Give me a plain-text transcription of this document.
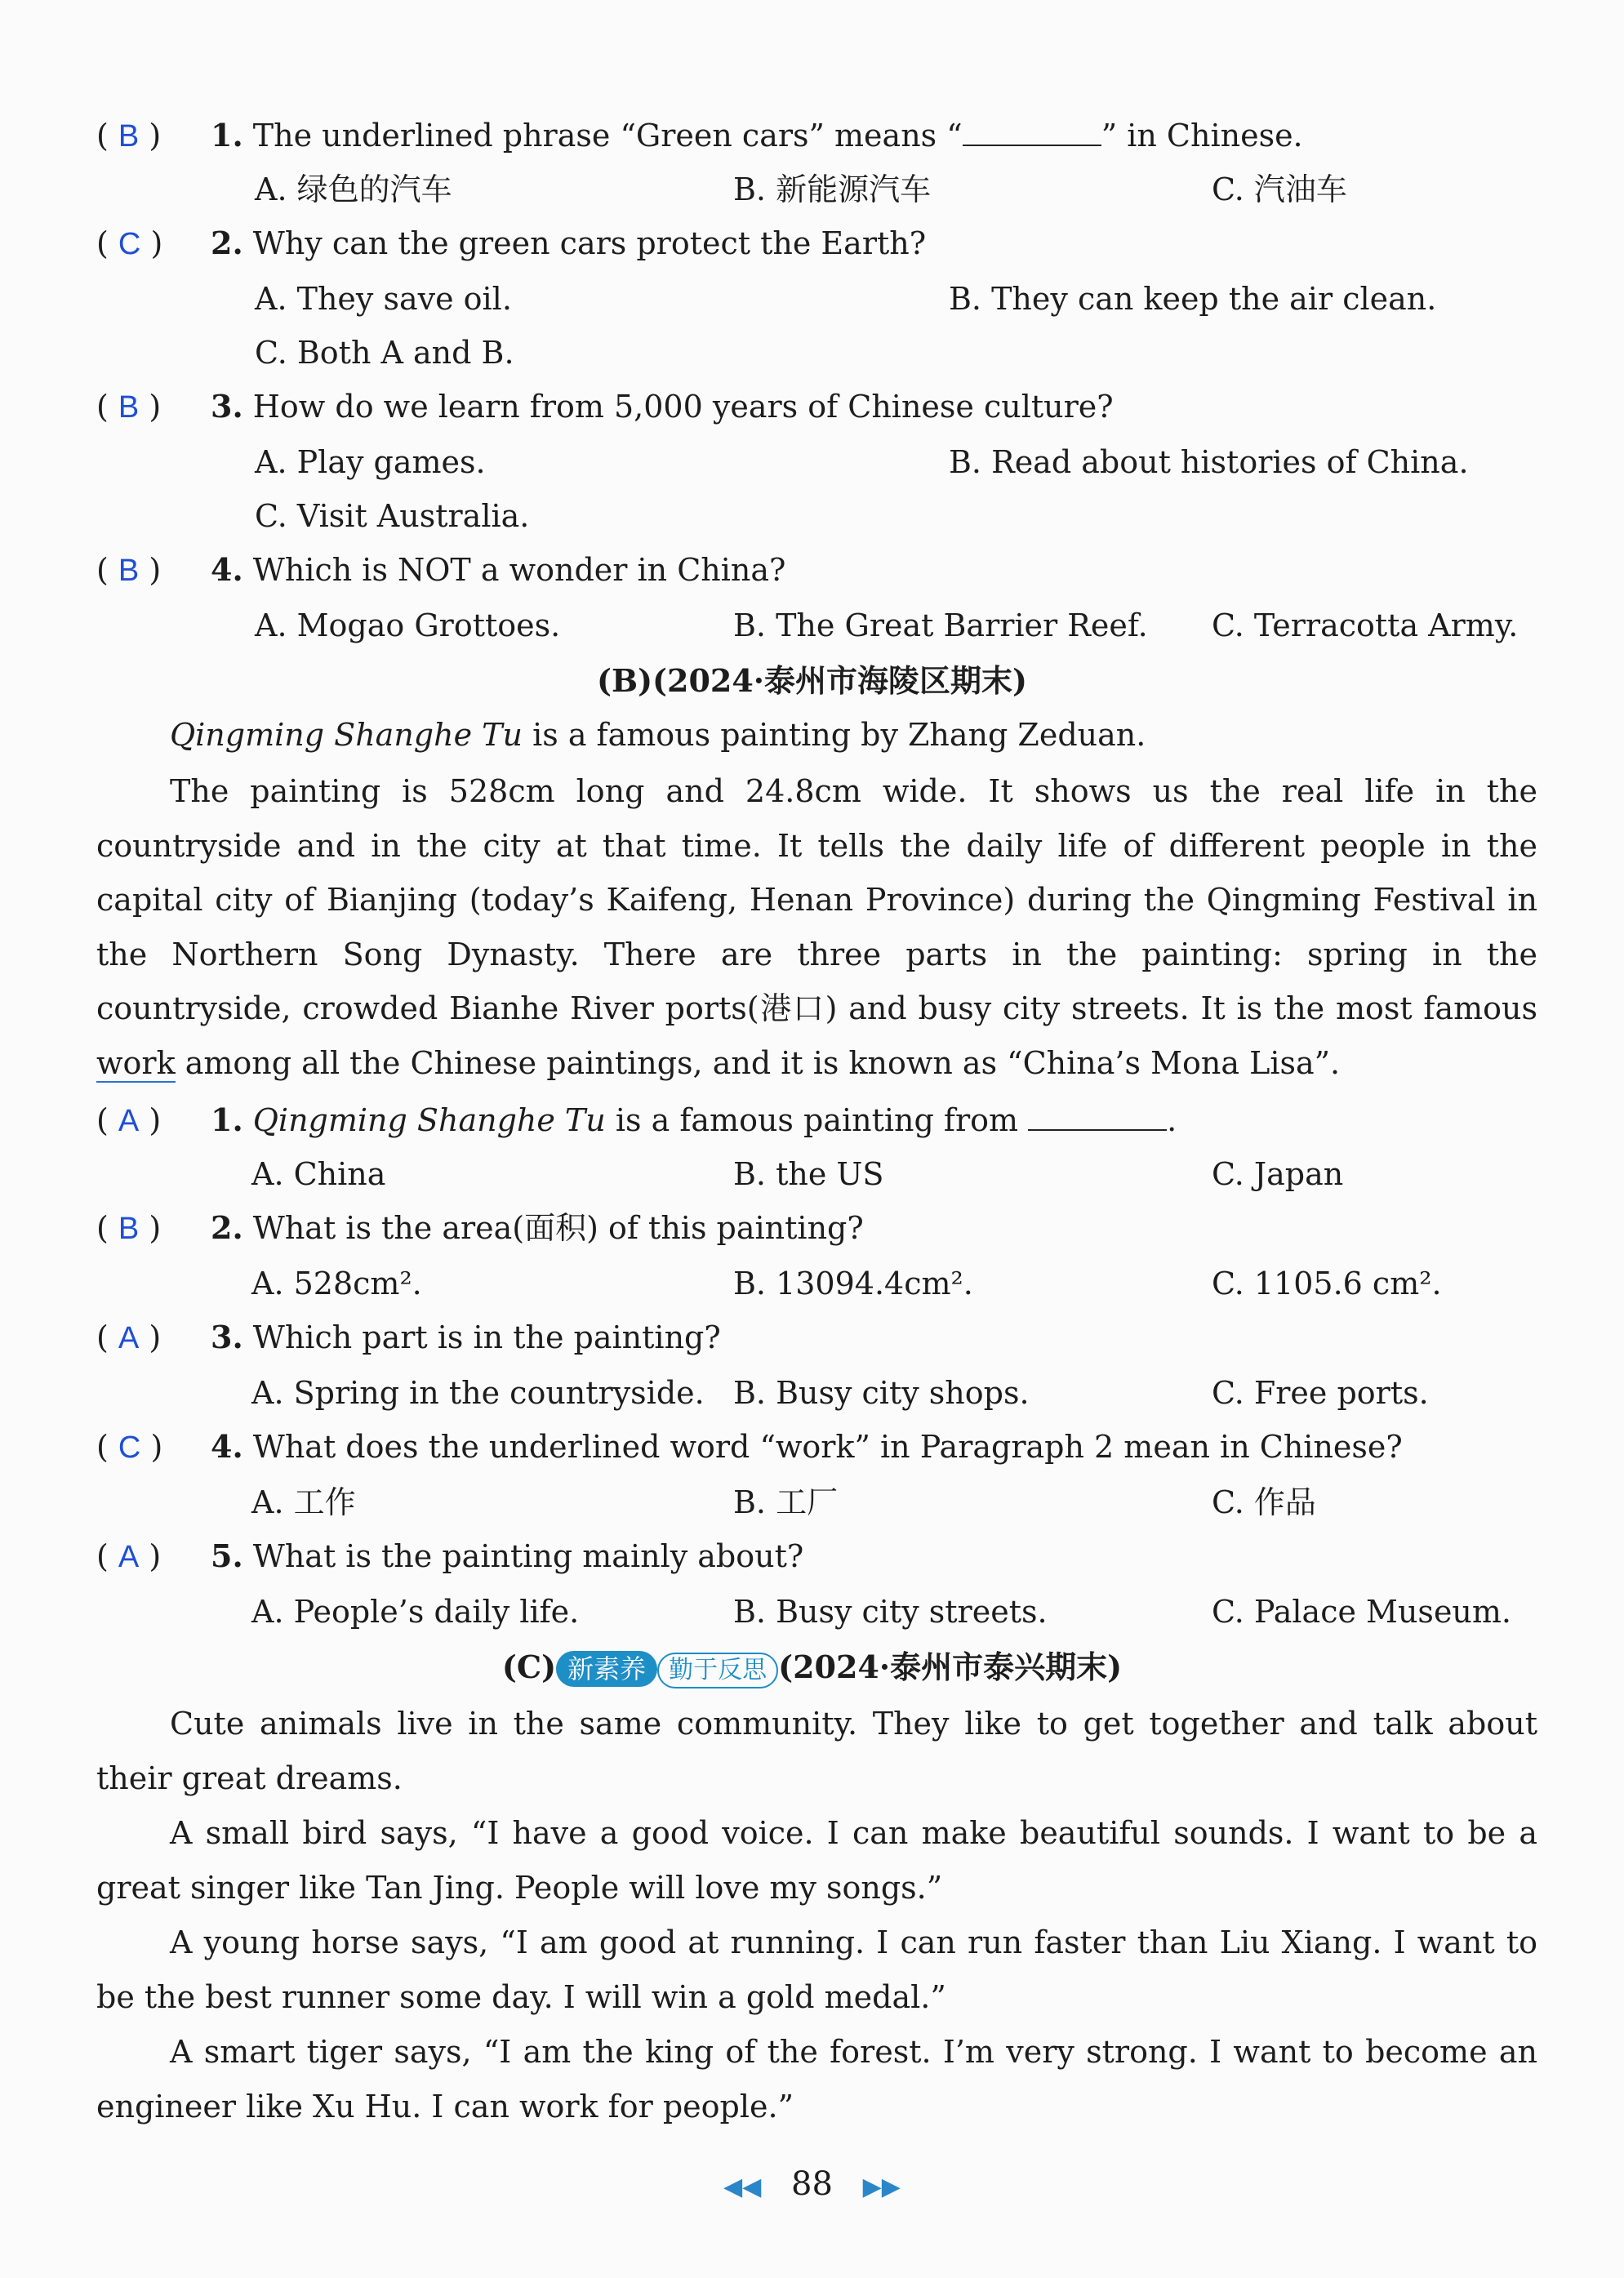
( B ) 1. The underlined phrase “Green cars” means “	” in Chinese.
A. 绿色的汽车	B. 新能源汽车	C. 汽油车
( C ) 2. Why can the green cars protect the Earth?
A. They save oil.	B. They can keep the air clean.
C. Both A and B.
( B ) 3. How do we learn from 5,000 years of Chinese culture?
A. Play games.	B. Read about histories of China.
C. Visit Australia.
( B ) 4. Which is NOT a wonder in China?
A. Mogao Grottoes.	B. The Great Barrier Reef. C. Terracotta Army.
(B)(2024·泰州市海陵区期末)
Qingming Shanghe Tu is a famous painting by Zhang Zeduan.
The painting is 528cm long and 24.8cm wide. It shows us the real life in the countryside and in the city at that time. It tells the daily life of different people in the capital city of Bianjing (today’s Kaifeng, Henan Province) during the Qingming Festival in the Northern Song Dynasty. There are three parts in the painting: spring in the countryside, crowded Bianhe River ports(港口) and busy city streets. It is the most famous work among all the Chinese paintings, and it is known as “China’s Mona Lisa”.
( A ) 1. Qingming Shanghe Tu is a famous painting from	.
A. China	B. the US	C. Japan
( B ) 2. What is the area(面积) of this painting?
A. 528cm².	B. 13094.4cm².	C. 1105.6 cm².
( A ) 3. Which part is in the painting?
A. Spring in the countryside. B. Busy city shops.	C. Free ports.
( C ) 4. What does the underlined word “work” in Paragraph 2 mean in Chinese?
A. 工作	B. 工厂	C. 作品
( A ) 5. What is the painting mainly about?
A. People’s daily life.	B. Busy city streets.	C. Palace Museum.
(C) 新素养 勤于反思 (2024·泰州市泰兴期末)
Cute animals live in the same community. They like to get together and talk about their great dreams.
A small bird says, “I have a good voice. I can make beautiful sounds. I want to be a great singer like Tan Jing. People will love my songs.”
A young horse says, “I am good at running. I can run faster than Liu Xiang. I want to be the best runner some day. I will win a gold medal.”
A smart tiger says, “I am the king of the forest. I’m very strong. I want to become an engineer like Xu Hu. I can work for people.”
◀◀ 88 ▶▶
